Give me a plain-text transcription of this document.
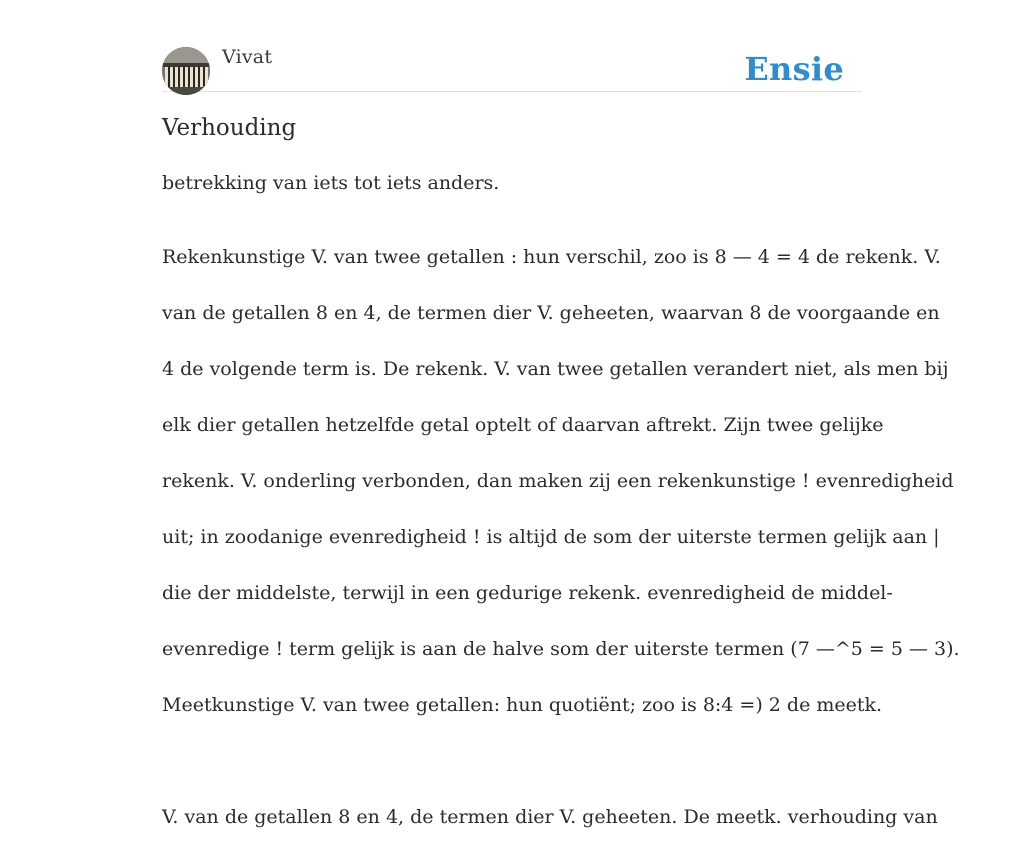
Vivat	Ensie
Verhouding

betrekking van iets tot iets anders.

Rekenkunstige V. van twee getallen : hun verschil, zoo is 8 — 4 = 4 de rekenk. V.

van de getallen 8 en 4, de termen dier V. geheeten, waarvan 8 de voorgaande en

4 de volgende term is. De rekenk. V. van twee getallen verandert niet, als men bij

elk dier getallen hetzelfde getal optelt of daarvan aftrekt. Zijn twee gelijke

rekenk. V. onderling verbonden, dan maken zij een rekenkunstige ! evenredigheid

uit; in zoodanige evenredigheid ! is altijd de som der uiterste termen gelijk aan |

die der middelste, terwijl in een gedurige rekenk. evenredigheid de middel-

evenredige ! term gelijk is aan de halve som der uiterste termen (7 —^5 = 5 — 3).

Meetkunstige V. van twee getallen: hun quotiënt; zoo is 8:4 =) 2 de meetk.

V. van de getallen 8 en 4, de termen dier V. geheeten. De meetk. verhouding van
